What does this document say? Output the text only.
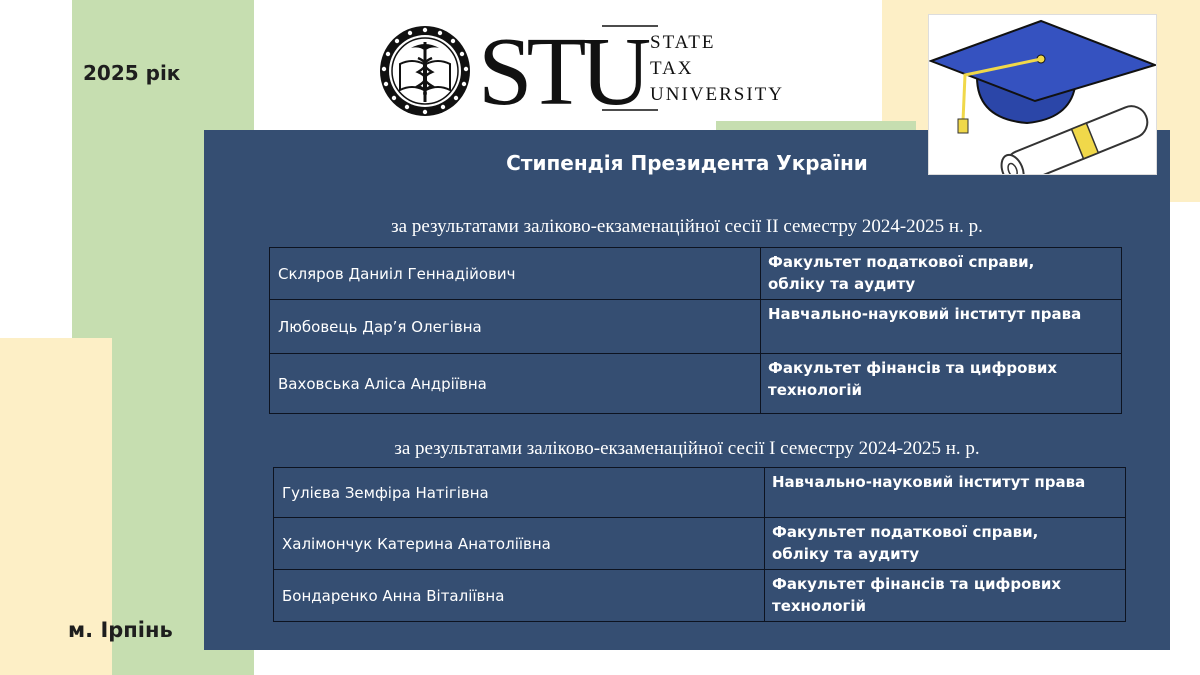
2025 рік
м. Ірпінь
STU STATE
TAX
UNIVERSITY
Стипендія Президента України
за результатами заліково-екзаменаційної сесії ІІ семестру 2024-2025 н. р.
за результатами заліково-екзаменаційної сесії І семестру 2024-2025 н. р.
Скляров Даниіл Геннадійович	Факультет податкової справи,
обліку та аудиту
Любовець Дар’я Олегівна	Навчально-науковий інститут права
Ваховська Аліса Андріївна	Факультет фінансів та цифрових
технологій
Гулієва Земфіра Натігівна	Навчально-науковий інститут права
Халімончук Катерина Анатоліївна	Факультет податкової справи,
обліку та аудиту
Бондаренко Анна Віталіївна	Факультет фінансів та цифрових
технологій
